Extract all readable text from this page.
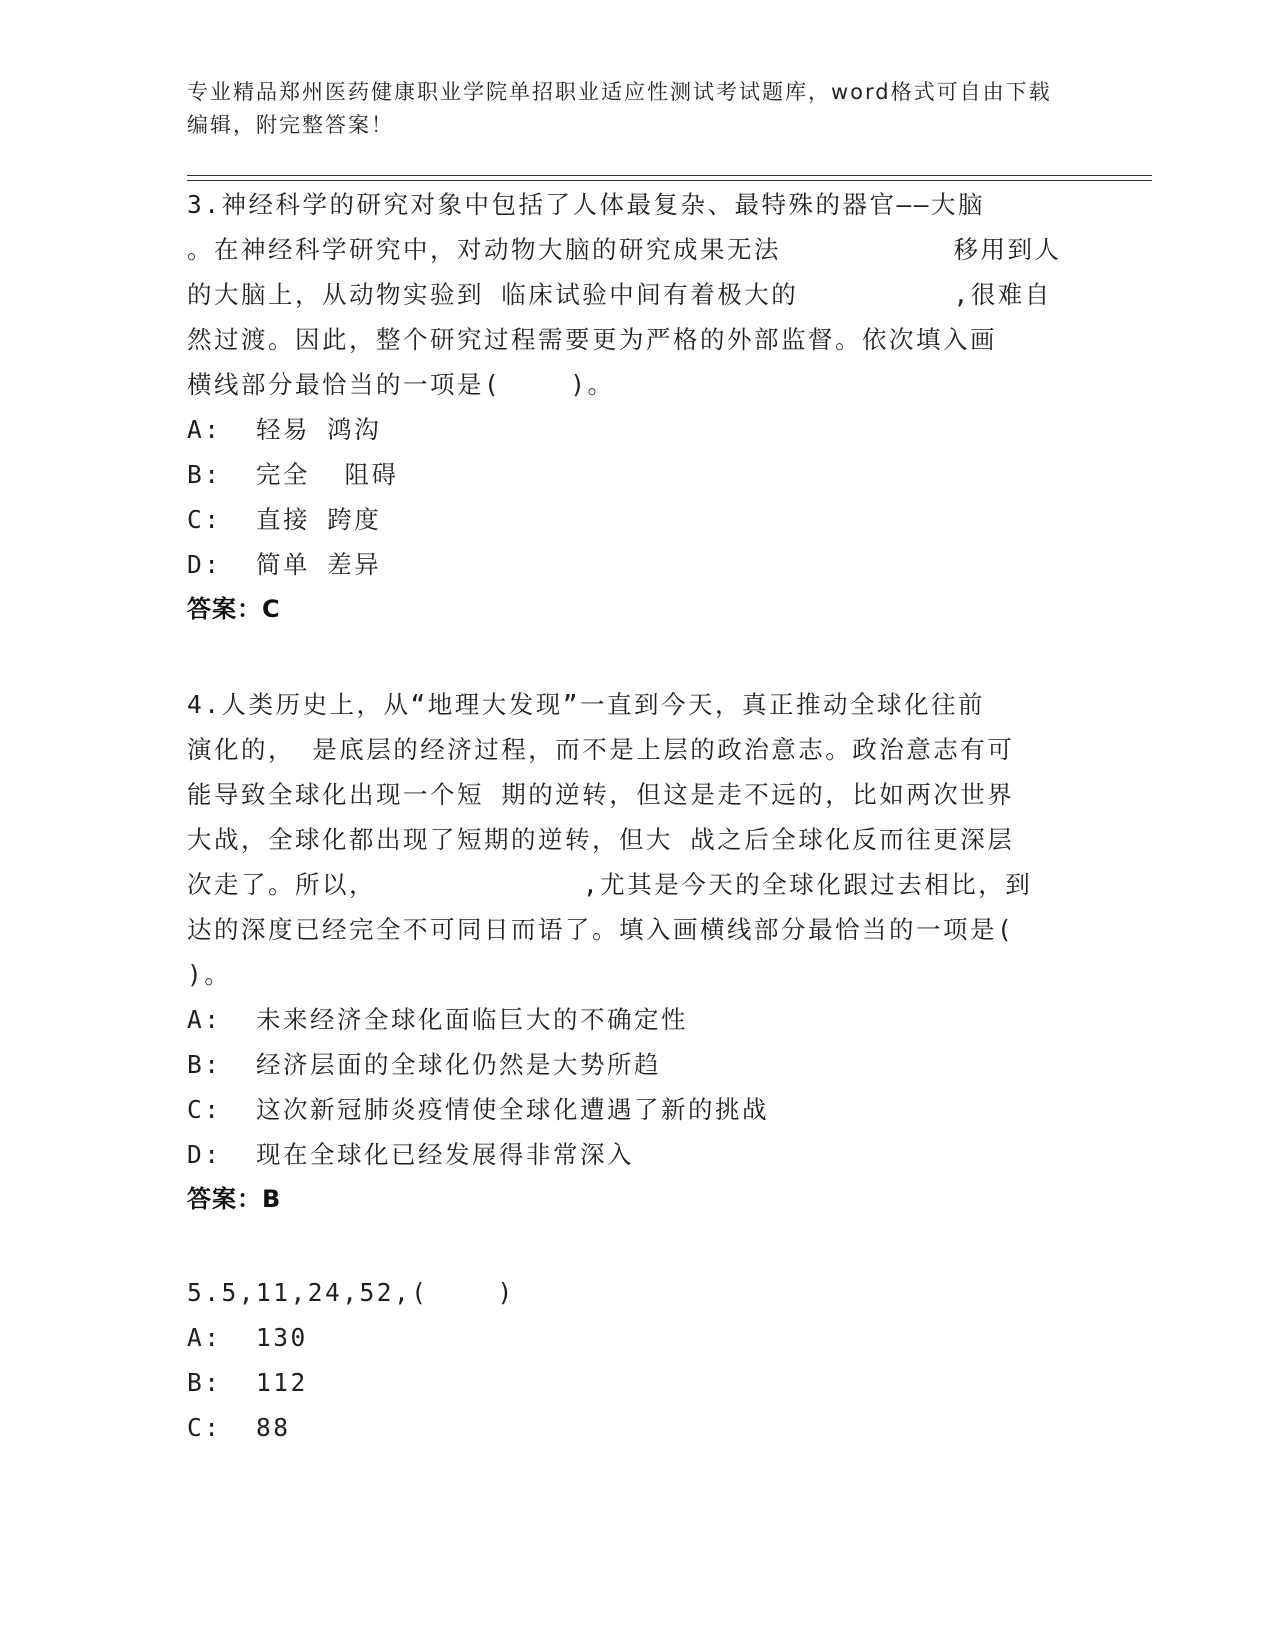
专业精品郑州医药健康职业学院单招职业适应性测试考试题库，word格式可自由下载编辑，附完整答案！
3.神经科学的研究对象中包括了人体最复杂、最特殊的器官——大脑
。在神经科学研究中，对动物大脑的研究成果无法          移用到人
的大脑上，从动物实验到 临床试验中间有着极大的         ,很难自
然过渡。因此，整个研究过程需要更为严格的外部监督。依次填入画
横线部分最恰当的一项是(    )。
A: 轻易 鸿沟
B: 完全  阻碍
C: 直接 跨度
D: 简单 差异
答案：C
4.人类历史上，从“地理大发现”一直到今天，真正推动全球化往前
演化的， 是底层的经济过程，而不是上层的政治意志。政治意志有可
能导致全球化出现一个短 期的逆转，但这是走不远的，比如两次世界
大战，全球化都出现了短期的逆转，但大 战之后全球化反而往更深层
次走了。所以，            ,尤其是今天的全球化跟过去相比，到
达的深度已经完全不可同日而语了。填入画横线部分最恰当的一项是(
)。
A: 未来经济全球化面临巨大的不确定性
B: 经济层面的全球化仍然是大势所趋
C: 这次新冠肺炎疫情使全球化遭遇了新的挑战
D: 现在全球化已经发展得非常深入
答案：B
5.5,11,24,52,(    )
A: 130
B: 112
C: 88
